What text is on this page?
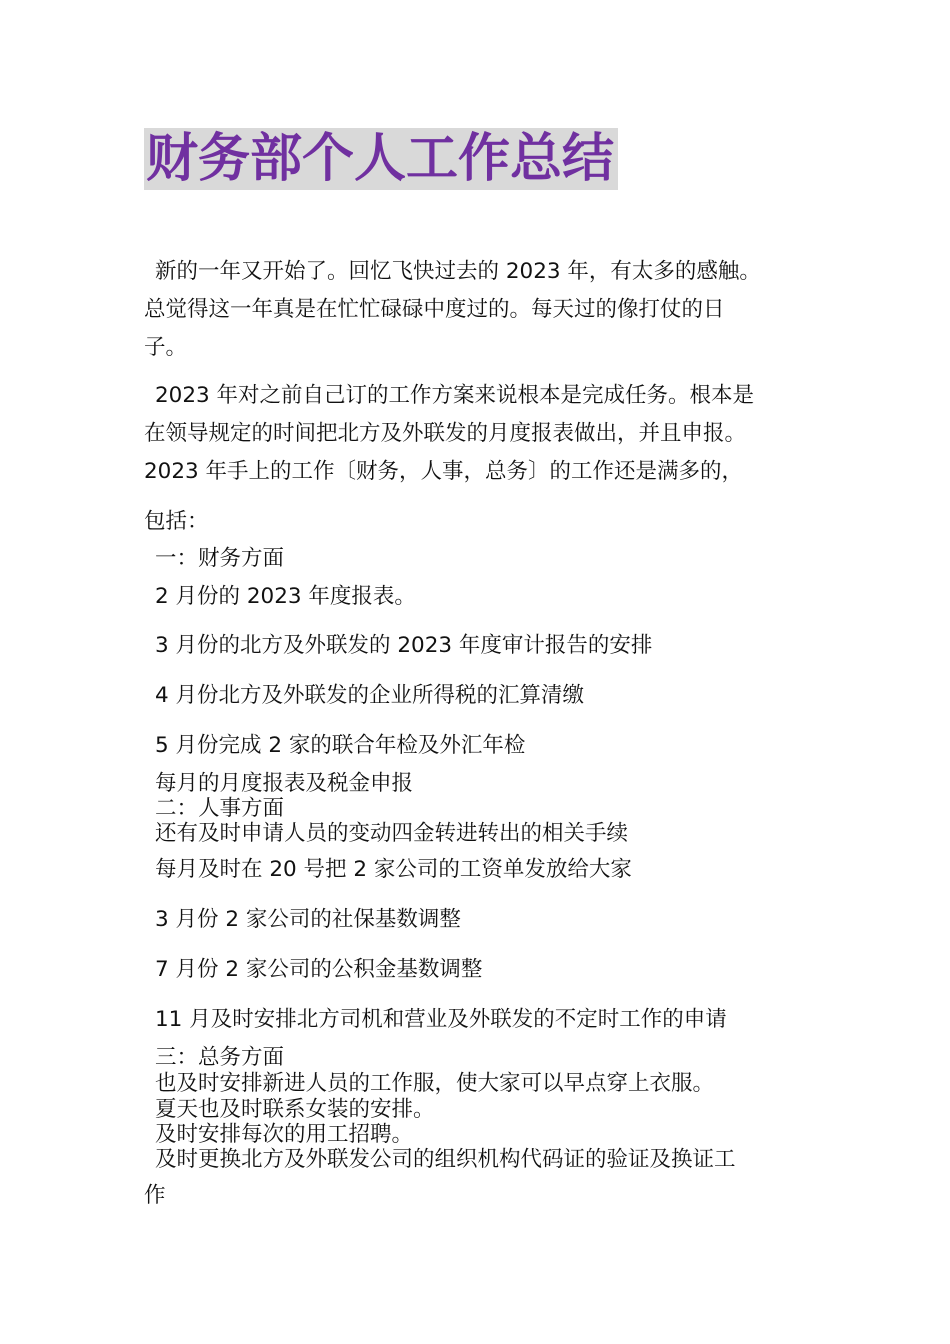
财务部个人工作总结
新的一年又开始了。回忆飞快过去的 2023 年，有太多的感触。
总觉得这一年真是在忙忙碌碌中度过的。每天过的像打仗的日
子。
2023 年对之前自己订的工作方案来说根本是完成任务。根本是
在领导规定的时间把北方及外联发的月度报表做出，并且申报。
2023 年手上的工作〔财务，人事，总务〕的工作还是满多的，
包括：
一：财务方面
2 月份的 2023 年度报表。
3 月份的北方及外联发的 2023 年度审计报告的安排
4 月份北方及外联发的企业所得税的汇算清缴
5 月份完成 2 家的联合年检及外汇年检
每月的月度报表及税金申报
二：人事方面
还有及时申请人员的变动四金转进转出的相关手续
每月及时在 20 号把 2 家公司的工资单发放给大家
3 月份 2 家公司的社保基数调整
7 月份 2 家公司的公积金基数调整
11 月及时安排北方司机和营业及外联发的不定时工作的申请
三：总务方面
也及时安排新进人员的工作服，使大家可以早点穿上衣服。
夏天也及时联系女装的安排。
及时安排每次的用工招聘。
及时更换北方及外联发公司的组织机构代码证的验证及换证工
作
